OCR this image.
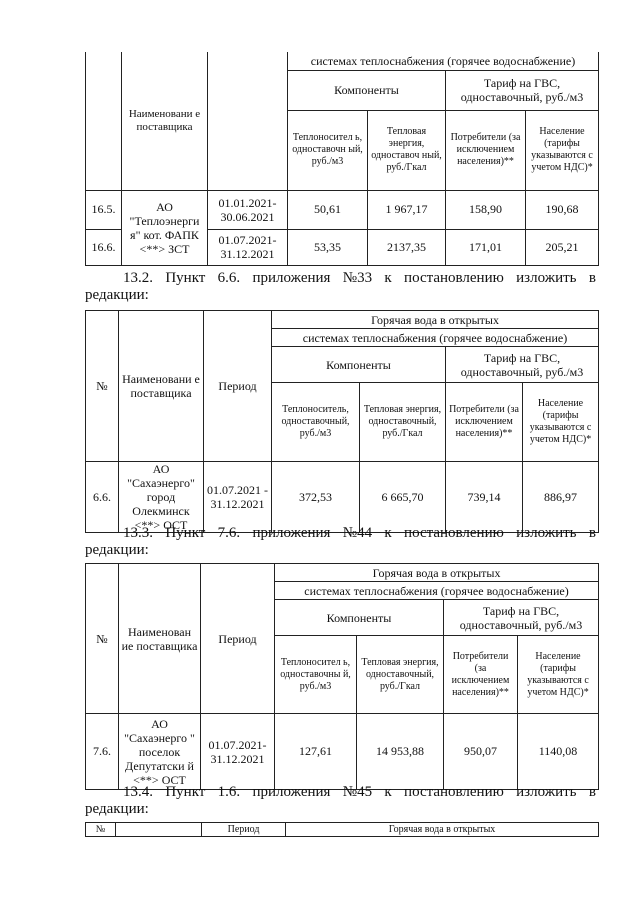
	Наименовани е поставщика		системах теплоснабжения (горячее водоснабжение)			
			Компоненты		Тариф на ГВС, одноставочный, руб./м3	
			Теплоносител ь, одноставочн ый, руб./м3	Тепловая энергия, одноставоч ный, руб./Гкал	Потребители (за исключением населения)**	Население (тарифы указываются с учетом НДС)*
16.5.	АО "Теплоэнерги я" кот. ФАПК <**> ЗСТ	01.01.2021- 30.06.2021	50,61	1 967,17	158,90	190,68
16.6.		01.07.2021- 31.12.2021	53,35	2137,35	171,01	205,21
13.2. Пункт 6.6. приложения №33 к постановлению изложить в
редакции:
№	Наименовани е поставщика	Период	Горячая вода в открытых			
			системах теплоснабжения (горячее водоснабжение)			
			Компоненты		Тариф на ГВС, одноставочный, руб./м3	
			Теплоноситель, одноставочный, руб./м3	Тепловая энергия, одноставочный, руб./Гкал	Потребители (за исключением населения)**	Население (тарифы указываются с учетом НДС)*
6.6.	АО "Сахаэнерго" город Олекминск <**> ОСТ	01.07.2021 - 31.12.2021	372,53	6 665,70	739,14	886,97
13.3. Пункт 7.6. приложения №44 к постановлению изложить в
редакции:
№	Наименован ие поставщика	Период	Горячая вода в открытых			
			системах теплоснабжения (горячее водоснабжение)			
			Компоненты		Тариф на ГВС, одноставочный, руб./м3	
			Теплоносител ь, одноставочны й, руб./м3	Тепловая энергия, одноставочный, руб./Гкал	Потребители (за исключением населения)**	Население (тарифы указываются с учетом НДС)*
7.6.	АО "Сахаэнерго " поселок Депутатски й <**> ОСТ	01.07.2021- 31.12.2021	127,61	14 953,88	950,07	1140,08
13.4. Пункт 1.6. приложения №45 к постановлению изложить в
редакции:
№		Период	Горячая вода в открытых
